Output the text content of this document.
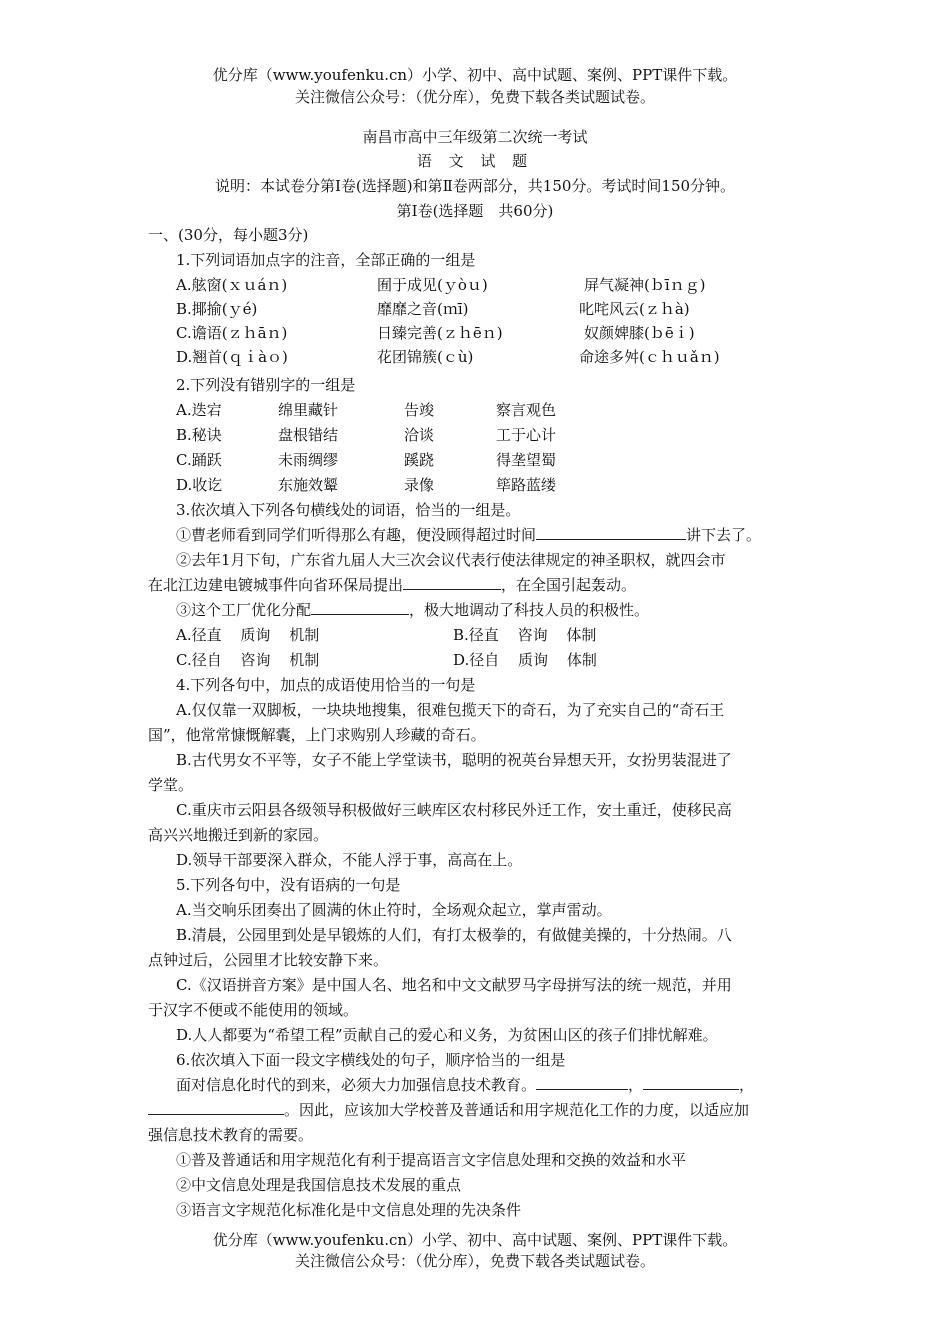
优分库（www.youfenku.cn）小学、初中、高中试题、案例、PPT课件下载。
关注微信公众号：（优分库），免费下载各类试题试卷。
南昌市高中三年级第二次统一考试
语 文 试 题
说明：本试卷分第Ⅰ卷(选择题)和第Ⅱ卷两部分，共150分。考试时间150分钟。
第Ⅰ卷(选择题　共60分)
一、(30分，每小题3分)
1.下列词语加点字的注音，全部正确的一组是
A.舷窗(ｘｕáｎ)	囿于成见(ｙòｕ)	屏气凝神(ｂīｎｇ)
B.揶揄(ｙé)	靡靡之音(ｍī)	叱咤风云(ｚｈà)
C.谵语(ｚｈāｎ)	日臻完善(ｚｈēｎ)	奴颜婢膝(ｂēｉ)
D.翘首(ｑｉàｏ)	花团锦簇(ｃù)	命途多舛(ｃｈｕǎｎ)
2.下列没有错别字的一组是
A.迭宕	绵里藏针	告竣	察言观色
B.秘诀	盘根错结	洽谈	工于心计
C.踊跃	未雨绸缪	蹊跷	得垄望蜀
D.收讫	东施效颦	录像	筚路蓝缕
3.依次填入下列各句横线处的词语，恰当的一组是。
①曹老师看到同学们听得那么有趣，便没顾得超过时间	讲下去了。
②去年1月下旬，广东省九届人大三次会议代表行使法律规定的神圣职权，就四会市
在北江边建电镀城事件向省环保局提出	，在全国引起轰动。
③这个工厂优化分配	，极大地调动了科技人员的积极性。
A.径直 质询 机制	B.径直 咨询 体制
C.径自 咨询 机制	D.径自 质询 体制
4.下列各句中，加点的成语使用恰当的一句是
A.仅仅靠一双脚板，一块块地搜集，很难包揽天下的奇石，为了充实自己的“奇石王
国”，他常常慷慨解囊，上门求购别人珍藏的奇石。
B.古代男女不平等，女子不能上学堂读书，聪明的祝英台异想天开，女扮男装混进了
学堂。
C.重庆市云阳县各级领导积极做好三峡库区农村移民外迁工作，安土重迁，使移民高
高兴兴地搬迁到新的家园。
D.领导干部要深入群众，不能人浮于事，高高在上。
5.下列各句中，没有语病的一句是
A.当交响乐团奏出了圆满的休止符时，全场观众起立，掌声雷动。
B.清晨，公园里到处是早锻炼的人们，有打太极拳的，有做健美操的，十分热闹。八
点钟过后，公园里才比较安静下来。
C.《汉语拼音方案》是中国人名、地名和中文文献罗马字母拼写法的统一规范，并用
于汉字不便或不能使用的领域。
D.人人都要为“希望工程”贡献自己的爱心和义务，为贫困山区的孩子们排忧解难。
6.依次填入下面一段文字横线处的句子，顺序恰当的一组是
面对信息化时代的到来，必须大力加强信息技术教育。	，	，
。因此，应该加大学校普及普通话和用字规范化工作的力度，以适应加
强信息技术教育的需要。
①普及普通话和用字规范化有利于提高语言文字信息处理和交换的效益和水平
②中文信息处理是我国信息技术发展的重点
③语言文字规范化标准化是中文信息处理的先决条件
优分库（www.youfenku.cn）小学、初中、高中试题、案例、PPT课件下载。
关注微信公众号：（优分库），免费下载各类试题试卷。
